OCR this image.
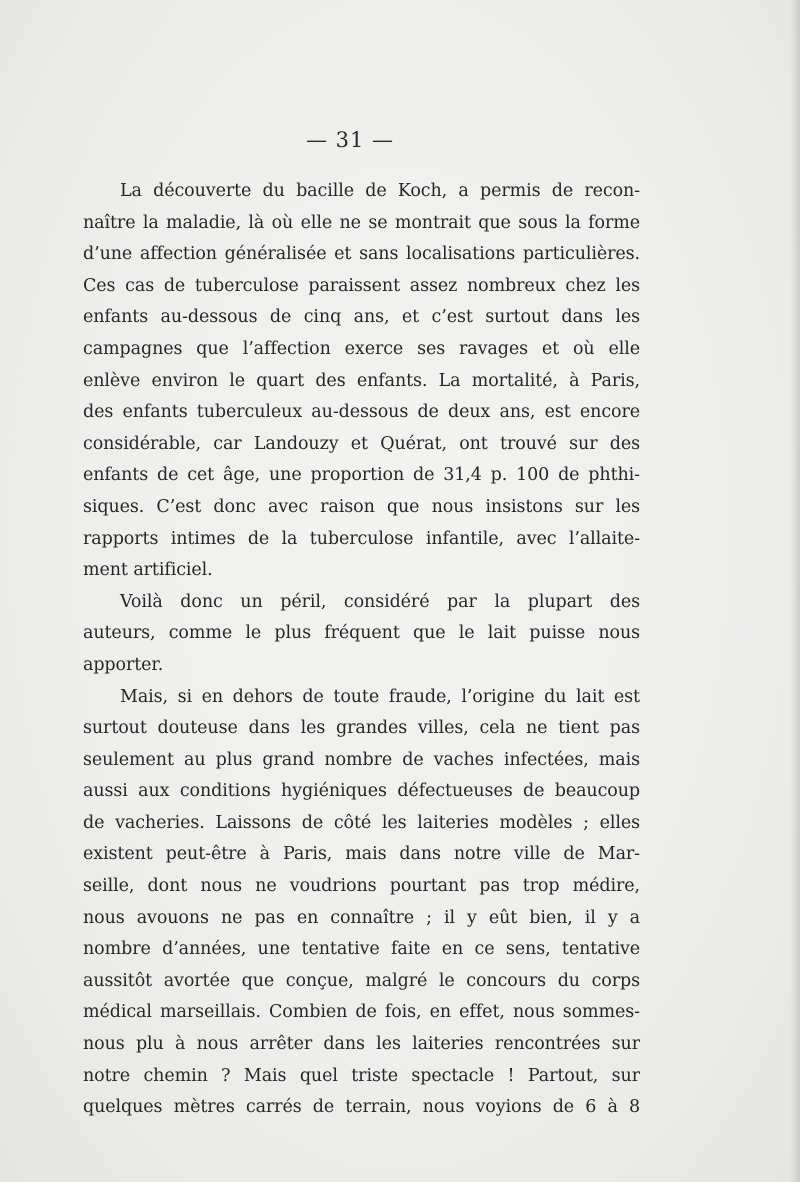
— 31 —
La découverte du bacille de Koch, a permis de recon-
naître la maladie, là où elle ne se montrait que sous la forme
d’une affection généralisée et sans localisations particulières.
Ces cas de tuberculose paraissent assez nombreux chez les
enfants au-dessous de cinq ans, et c’est surtout dans les
campagnes que l’affection exerce ses ravages et où elle
enlève environ le quart des enfants. La mortalité, à Paris,
des enfants tuberculeux au-dessous de deux ans, est encore
considérable, car Landouzy et Quérat, ont trouvé sur des
enfants de cet âge, une proportion de 31,4 p. 100 de phthi-
siques. C’est donc avec raison que nous insistons sur les
rapports intimes de la tuberculose infantile, avec l’allaite-
ment artificiel.
Voilà donc un péril, considéré par la plupart des
auteurs, comme le plus fréquent que le lait puisse nous
apporter.
Mais, si en dehors de toute fraude, l’origine du lait est
surtout douteuse dans les grandes villes, cela ne tient pas
seulement au plus grand nombre de vaches infectées, mais
aussi aux conditions hygiéniques défectueuses de beaucoup
de vacheries. Laissons de côté les laiteries modèles ; elles
existent peut-être à Paris, mais dans notre ville de Mar-
seille, dont nous ne voudrions pourtant pas trop médire,
nous avouons ne pas en connaître ; il y eût bien, il y a
nombre d’années, une tentative faite en ce sens, tentative
aussitôt avortée que conçue, malgré le concours du corps
médical marseillais. Combien de fois, en effet, nous sommes-
nous plu à nous arrêter dans les laiteries rencontrées sur
notre chemin ? Mais quel triste spectacle ! Partout, sur
quelques mètres carrés de terrain, nous voyions de 6 à 8
